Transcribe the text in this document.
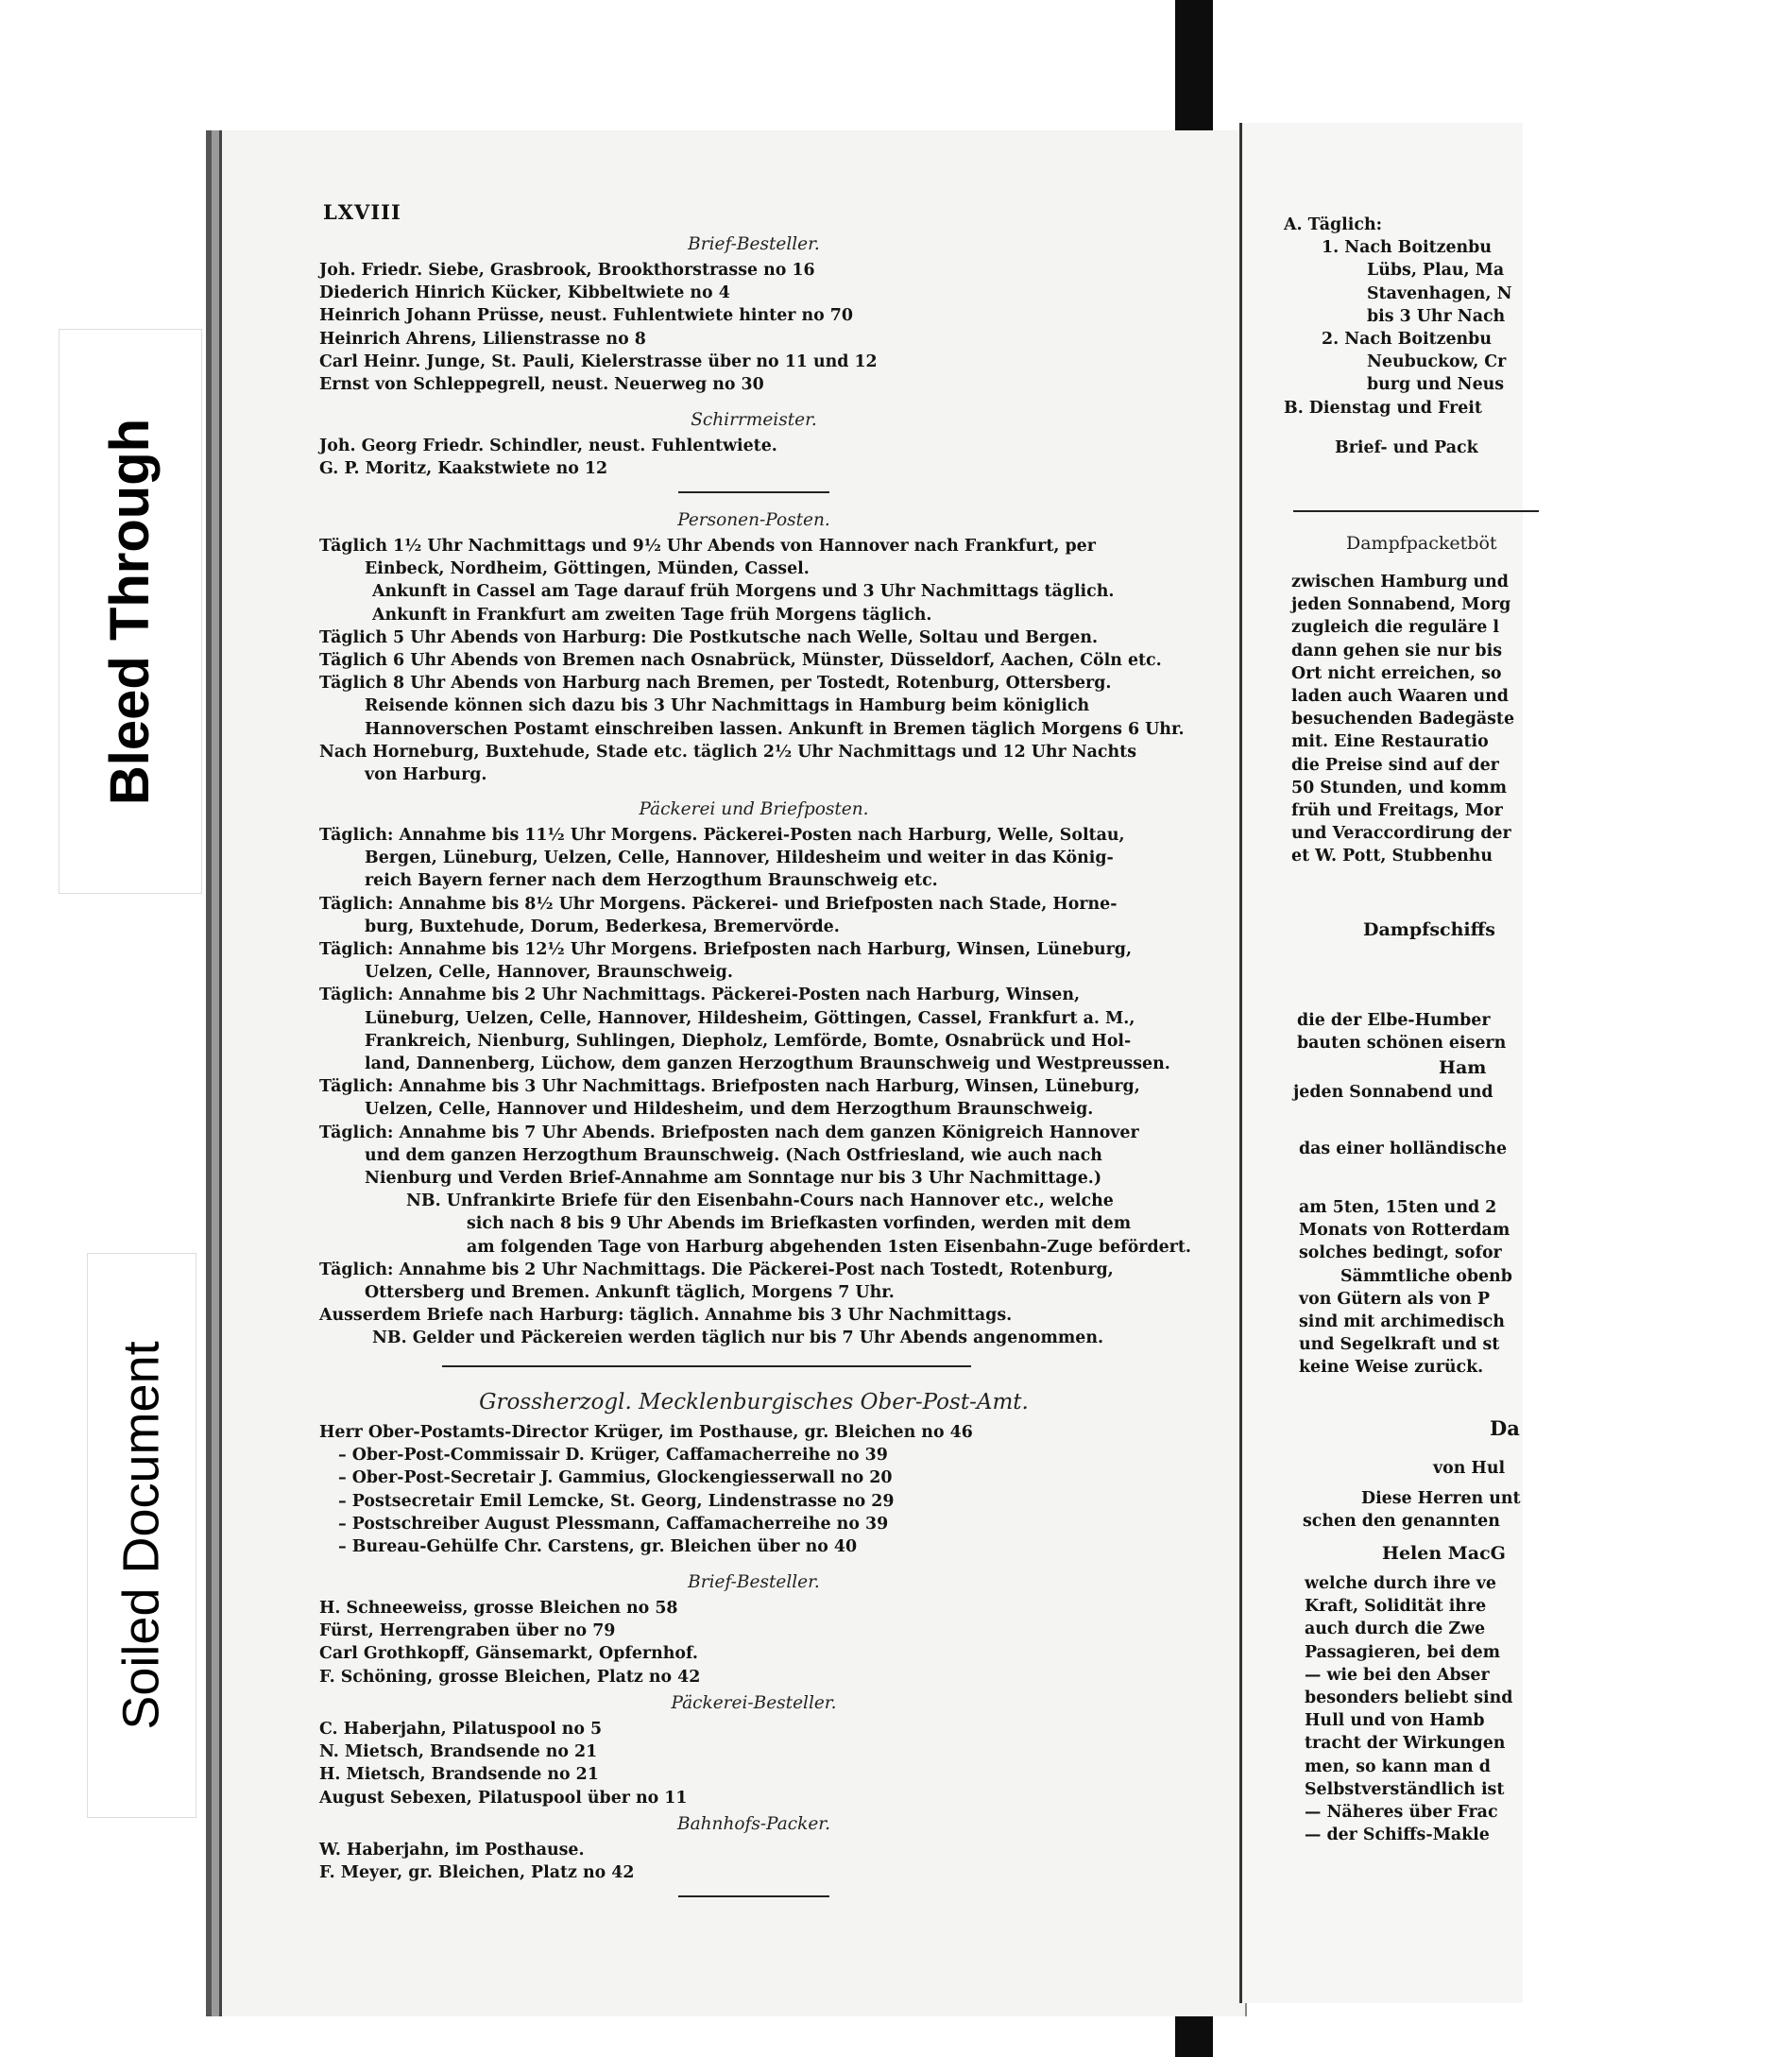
A. Täglich:
1. Nach Boitzenbu
Lübs, Plau, Ma
Stavenhagen, N
bis 3 Uhr Nach
2. Nach Boitzenbu
Neubuckow, Cr
burg und Neus
B. Dienstag und Freit
Brief- und Pack
Dampfpacketböt
zwischen Hamburg und
jeden Sonnabend, Morg
zugleich die reguläre l
dann gehen sie nur bis
Ort nicht erreichen, so
laden auch Waaren und
besuchenden Badegäste
mit. Eine Restauratio
die Preise sind auf der
50 Stunden, und komm
früh und Freitags, Mor
und Veraccordirung der
et W. Pott, Stubbenhu
Dampfschiffs
die der Elbe-Humber
bauten schönen eisern
Ham
jeden Sonnabend und
das einer holländische
am 5ten, 15ten und 2
Monats von Rotterdam
solches bedingt, sofor
Sämmtliche obenb
von Gütern als von P
sind mit archimedisch
und Segelkraft und st
keine Weise zurück.
Da
von Hul
Diese Herren unt
schen den genannten
Helen MacG
welche durch ihre ve
Kraft, Solidität ihre
auch durch die Zwe
Passagieren, bei dem
— wie bei den Abser
besonders beliebt sind
Hull und von Hamb
tracht der Wirkungen
men, so kann man d
Selbstverständlich ist
— Näheres über Frac
— der Schiffs-Makle
Bleed Through
Soiled Document
LXVIII
Brief-Besteller.
Joh. Friedr. Siebe, Grasbrook, Brookthorstrasse no 16
Diederich Hinrich Kücker, Kibbeltwiete no 4
Heinrich Johann Prüsse, neust. Fuhlentwiete hinter no 70
Heinrich Ahrens, Lilienstrasse no 8
Carl Heinr. Junge, St. Pauli, Kielerstrasse über no 11 und 12
Ernst von Schleppegrell, neust. Neuerweg no 30
Schirrmeister.
Joh. Georg Friedr. Schindler, neust. Fuhlentwiete.
G. P. Moritz, Kaakstwiete no 12
Personen-Posten.
Täglich 1½ Uhr Nachmittags und 9½ Uhr Abends von Hannover nach Frankfurt, per
Einbeck, Nordheim, Göttingen, Münden, Cassel.
Ankunft in Cassel am Tage darauf früh Morgens und 3 Uhr Nachmittags täglich.
Ankunft in Frankfurt am zweiten Tage früh Morgens täglich.
Täglich 5 Uhr Abends von Harburg: Die Postkutsche nach Welle, Soltau und Bergen.
Täglich 6 Uhr Abends von Bremen nach Osnabrück, Münster, Düsseldorf, Aachen, Cöln etc.
Täglich 8 Uhr Abends von Harburg nach Bremen, per Tostedt, Rotenburg, Ottersberg.
Reisende können sich dazu bis 3 Uhr Nachmittags in Hamburg beim königlich
Hannoverschen Postamt einschreiben lassen. Ankunft in Bremen täglich Morgens 6 Uhr.
Nach Horneburg, Buxtehude, Stade etc. täglich 2½ Uhr Nachmittags und 12 Uhr Nachts
von Harburg.
Päckerei und Briefposten.
Täglich: Annahme bis 11½ Uhr Morgens. Päckerei-Posten nach Harburg, Welle, Soltau,
Bergen, Lüneburg, Uelzen, Celle, Hannover, Hildesheim und weiter in das König-
reich Bayern ferner nach dem Herzogthum Braunschweig etc.
Täglich: Annahme bis 8½ Uhr Morgens. Päckerei- und Briefposten nach Stade, Horne-
burg, Buxtehude, Dorum, Bederkesa, Bremervörde.
Täglich: Annahme bis 12½ Uhr Morgens. Briefposten nach Harburg, Winsen, Lüneburg,
Uelzen, Celle, Hannover, Braunschweig.
Täglich: Annahme bis 2 Uhr Nachmittags. Päckerei-Posten nach Harburg, Winsen,
Lüneburg, Uelzen, Celle, Hannover, Hildesheim, Göttingen, Cassel, Frankfurt a. M.,
Frankreich, Nienburg, Suhlingen, Diepholz, Lemförde, Bomte, Osnabrück und Hol-
land, Dannenberg, Lüchow, dem ganzen Herzogthum Braunschweig und Westpreussen.
Täglich: Annahme bis 3 Uhr Nachmittags. Briefposten nach Harburg, Winsen, Lüneburg,
Uelzen, Celle, Hannover und Hildesheim, und dem Herzogthum Braunschweig.
Täglich: Annahme bis 7 Uhr Abends. Briefposten nach dem ganzen Königreich Hannover
und dem ganzen Herzogthum Braunschweig. (Nach Ostfriesland, wie auch nach
Nienburg und Verden Brief-Annahme am Sonntage nur bis 3 Uhr Nachmittage.)
NB. Unfrankirte Briefe für den Eisenbahn-Cours nach Hannover etc., welche
sich nach 8 bis 9 Uhr Abends im Briefkasten vorfinden, werden mit dem
am folgenden Tage von Harburg abgehenden 1sten Eisenbahn-Zuge befördert.
Täglich: Annahme bis 2 Uhr Nachmittags. Die Päckerei-Post nach Tostedt, Rotenburg,
Ottersberg und Bremen. Ankunft täglich, Morgens 7 Uhr.
Ausserdem Briefe nach Harburg: täglich. Annahme bis 3 Uhr Nachmittags.
NB. Gelder und Päckereien werden täglich nur bis 7 Uhr Abends angenommen.
Grossherzogl. Mecklenburgisches Ober-Post-Amt.
Herr Ober-Postamts-Director Krüger, im Posthause, gr. Bleichen no 46
– Ober-Post-Commissair D. Krüger, Caffamacherreihe no 39
– Ober-Post-Secretair J. Gammius, Glockengiesserwall no 20
– Postsecretair Emil Lemcke, St. Georg, Lindenstrasse no 29
– Postschreiber August Plessmann, Caffamacherreihe no 39
– Bureau-Gehülfe Chr. Carstens, gr. Bleichen über no 40
Brief-Besteller.
H. Schneeweiss, grosse Bleichen no 58
Fürst, Herrengraben über no 79
Carl Grothkopff, Gänsemarkt, Opfernhof.
F. Schöning, grosse Bleichen, Platz no 42
Päckerei-Besteller.
C. Haberjahn, Pilatuspool no 5
N. Mietsch, Brandsende no 21
H. Mietsch, Brandsende no 21
August Sebexen, Pilatuspool über no 11
Bahnhofs-Packer.
W. Haberjahn, im Posthause.
F. Meyer, gr. Bleichen, Platz no 42
